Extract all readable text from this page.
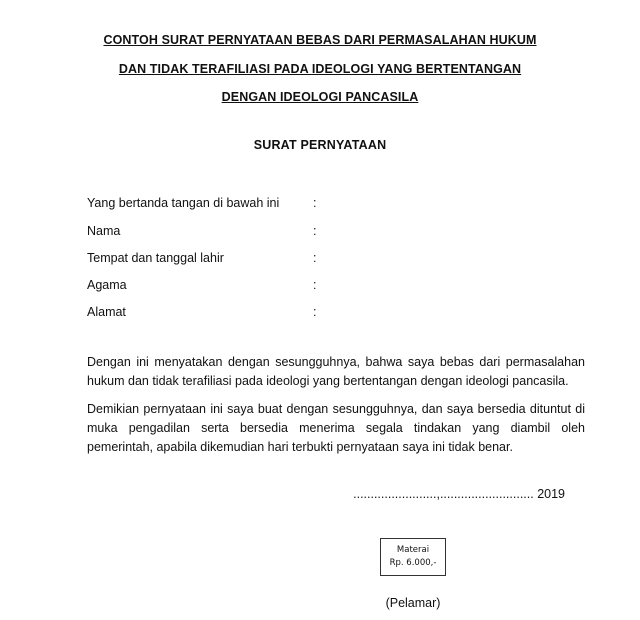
CONTOH SURAT PERNYATAAN BEBAS DARI PERMASALAHAN HUKUM
DAN TIDAK TERAFILIASI PADA IDEOLOGI YANG BERTENTANGAN
DENGAN IDEOLOGI PANCASILA
SURAT PERNYATAAN
Yang bertanda tangan di bawah ini	:
Nama	:
Tempat dan tanggal lahir	:
Agama	:
Alamat	:
Dengan ini menyatakan dengan sesungguhnya, bahwa saya bebas dari permasalahan hukum dan tidak terafiliasi pada ideologi yang bertentangan dengan ideologi pancasila.
Demikian pernyataan ini saya buat dengan sesungguhnya, dan saya bersedia dituntut di muka pengadilan serta bersedia menerima segala tindakan yang diambil oleh pemerintah, apabila dikemudian hari terbukti pernyataan saya ini tidak benar.
........................,........................... 2019
Materai
Rp. 6.000,-
(Pelamar)
